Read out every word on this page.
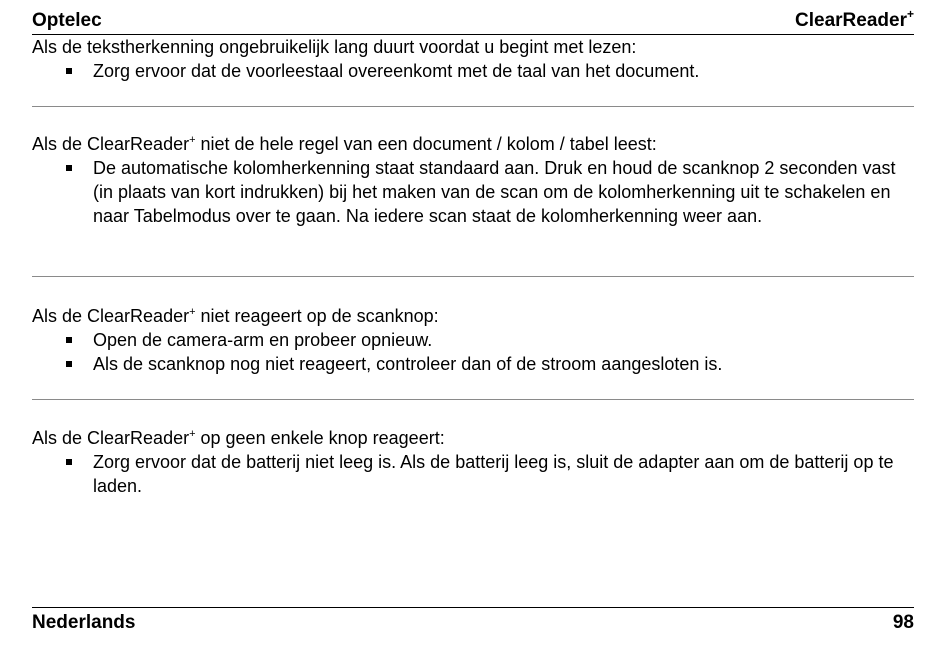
Optelec	ClearReader+
Als de tekstherkenning ongebruikelijk lang duurt voordat u begint met lezen:
Zorg ervoor dat de voorleestaal overeenkomt met de taal van het document.
Als de ClearReader+ niet de hele regel van een document / kolom / tabel leest:
De automatische kolomherkenning staat standaard aan. Druk en houd de scanknop 2 seconden vast (in plaats van kort indrukken) bij het maken van de scan om de kolomherkenning uit te schakelen en naar Tabelmodus over te gaan. Na iedere scan staat de kolomherkenning weer aan.
Als de ClearReader+ niet reageert op de scanknop:
Open de camera-arm en probeer opnieuw.
Als de scanknop nog niet reageert, controleer dan of de stroom aangesloten is.
Als de ClearReader+ op geen enkele knop reageert:
Zorg ervoor dat de batterij niet leeg is. Als de batterij leeg is, sluit de adapter aan om de batterij op te laden.
Nederlands	98
